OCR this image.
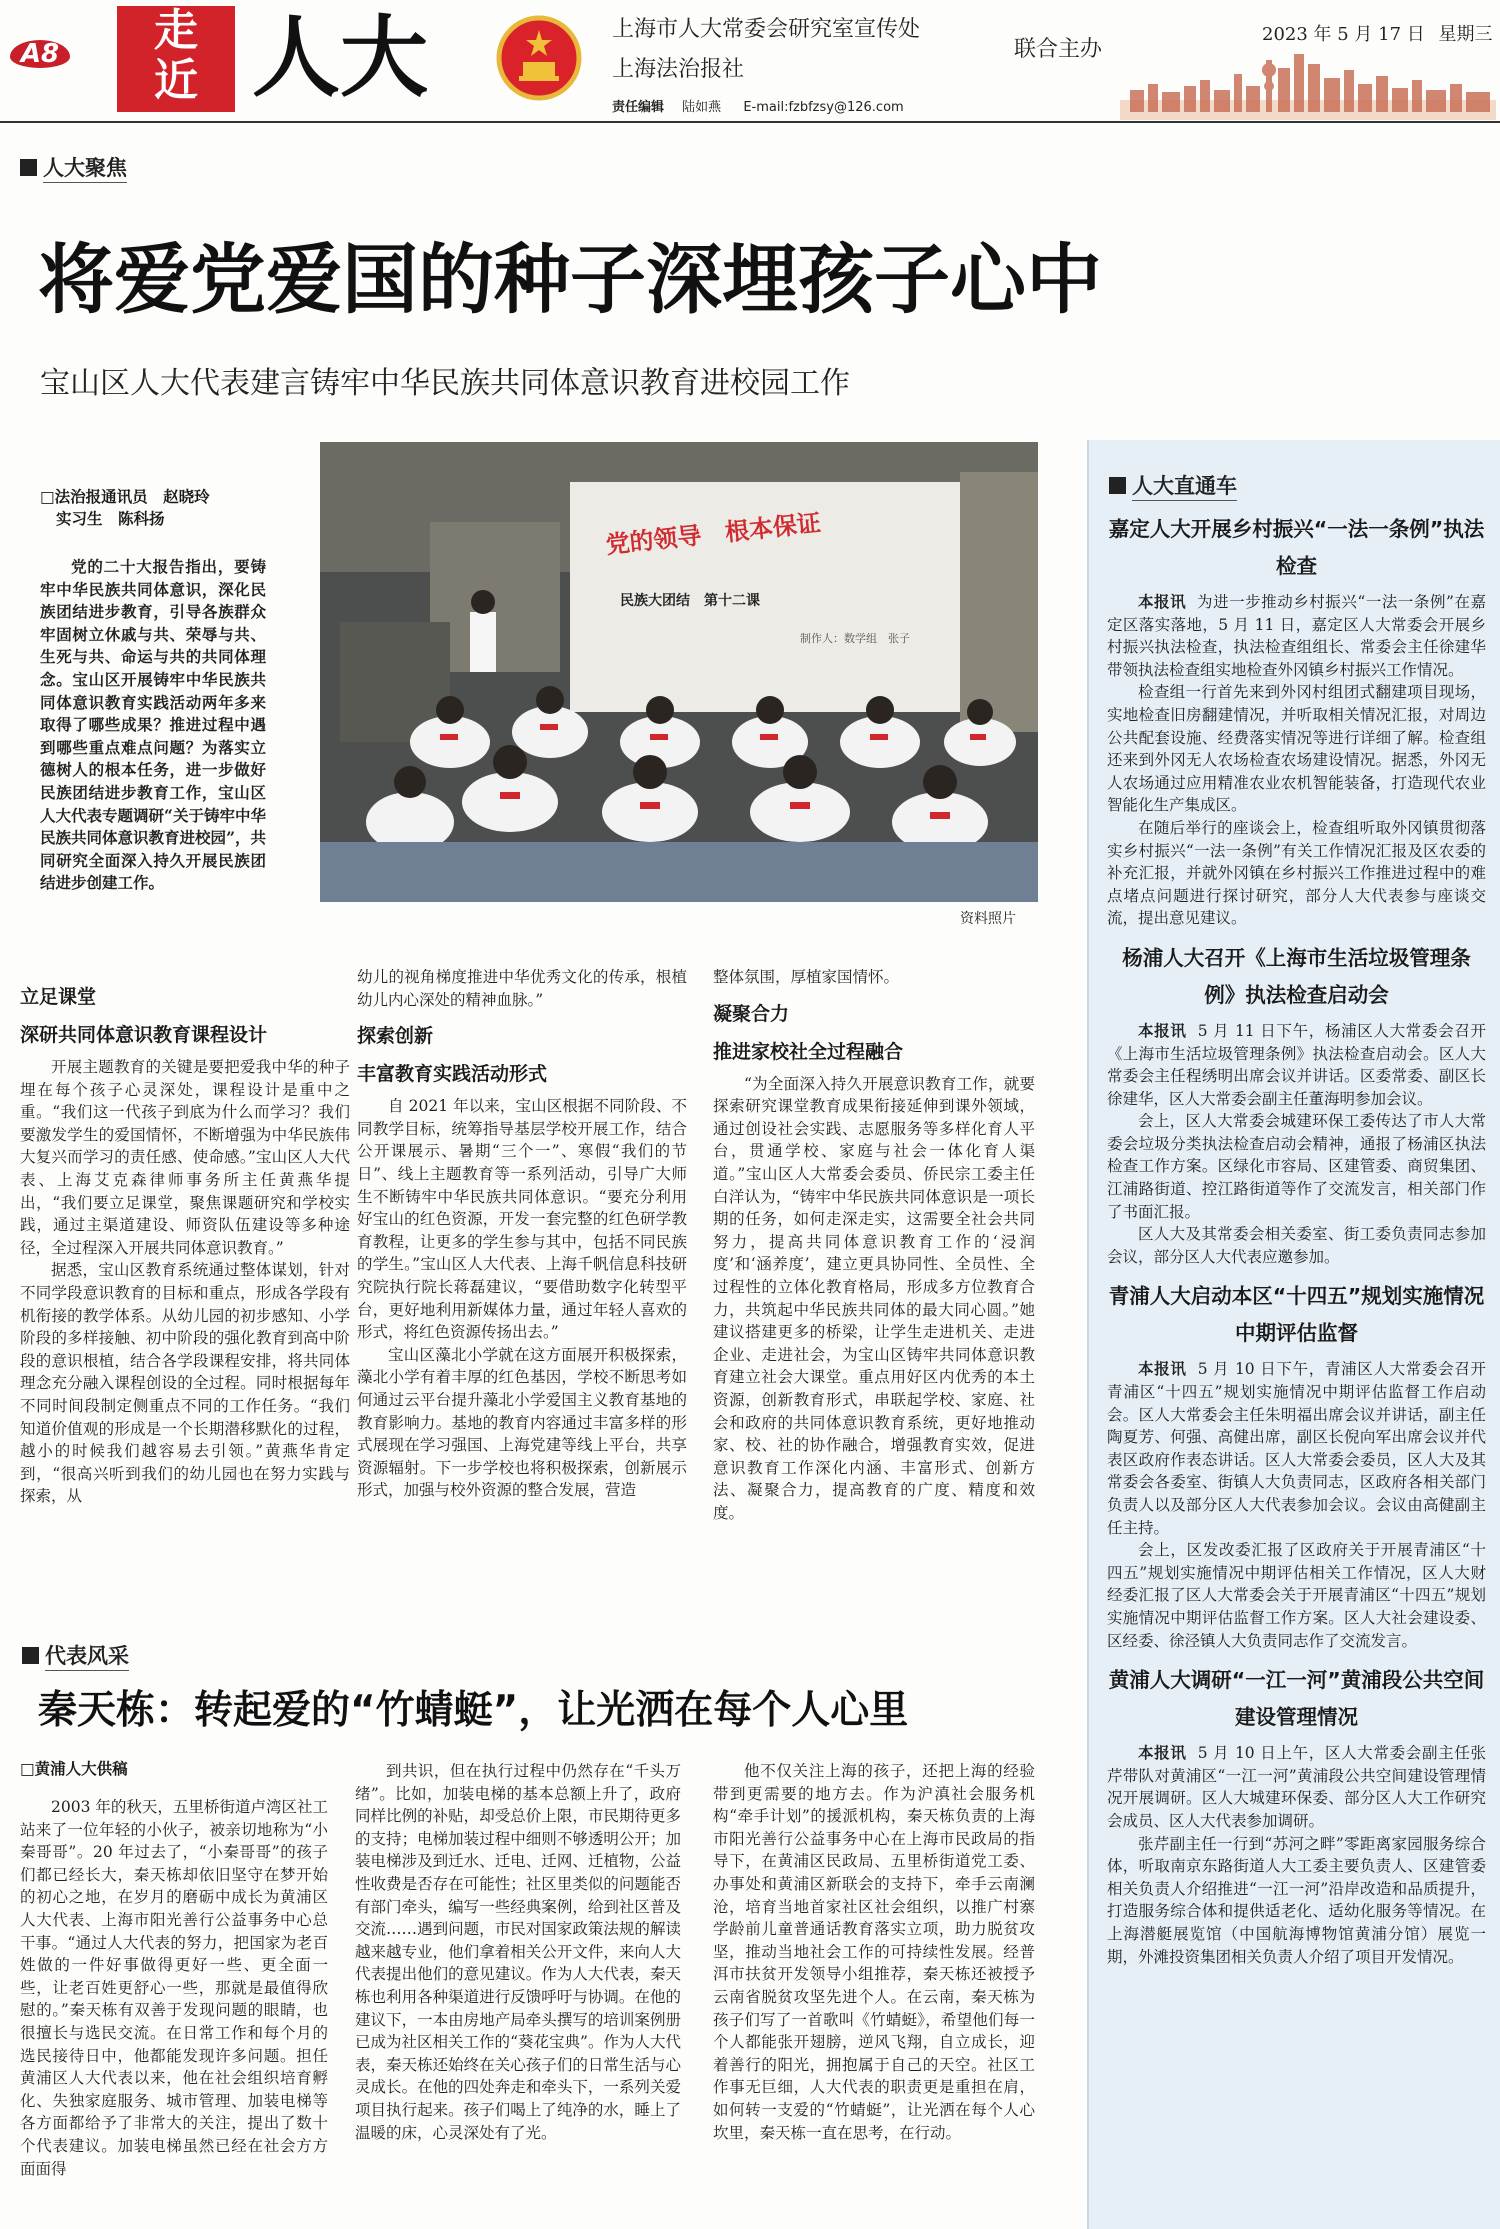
A8	走
近 人大	上海市人大常委会研究室宣传处
上海法治报社
联合主办
责任编辑 陆如燕 E-mail:fzbfzsy@126.com
2023 年 5 月 17 日 星期三
人大聚焦
将爱党爱国的种子深埋孩子心中
宝山区人大代表建言铸牢中华民族共同体意识教育进校园工作
□法治报通讯员　赵晓玲
实习生　陈科扬

党的二十大报告指出，要铸牢中华民族共同体意识，深化民族团结进步教育，引导各族群众牢固树立休戚与共、荣辱与共、生死与共、命运与共的共同体理念。宝山区开展铸牢中华民族共同体意识教育实践活动两年多来取得了哪些成果？推进过程中遇到哪些重点难点问题？为落实立德树人的根本任务，进一步做好民族团结进步教育工作，宝山区人大代表专题调研“关于铸牢中华民族共同体意识教育进校园”，共同研究全面深入持久开展民族团结进步创建工作。

党的领导　根本保证
民族大团结　第十二课
制作人：数学组　张子
资料照片
立足课堂
深研共同体意识教育课程设计

开展主题教育的关键是要把爱我中华的种子埋在每个孩子心灵深处，课程设计是重中之重。“我们这一代孩子到底为什么而学习？我们要激发学生的爱国情怀，不断增强为中华民族伟大复兴而学习的责任感、使命感。”宝山区人大代表、上海艾克森律师事务所主任黄燕华提出，“我们要立足课堂，聚焦课题研究和学校实践，通过主渠道建设、师资队伍建设等多种途径，全过程深入开展共同体意识教育。”

据悉，宝山区教育系统通过整体谋划，针对不同学段意识教育的目标和重点，形成各学段有机衔接的教学体系。从幼儿园的初步感知、小学阶段的多样接触、初中阶段的强化教育到高中阶段的意识根植，结合各学段课程安排，将共同体理念充分融入课程创设的全过程。同时根据每年不同时间段制定侧重点不同的工作任务。“我们知道价值观的形成是一个长期潜移默化的过程，越小的时候我们越容易去引领。”黄燕华肯定到，“很高兴听到我们的幼儿园也在努力实践与探索，从

幼儿的视角梯度推进中华优秀文化的传承，根植幼儿内心深处的精神血脉。”
探索创新
丰富教育实践活动形式

自 2021 年以来，宝山区根据不同阶段、不同教学目标，统筹指导基层学校开展工作，结合公开课展示、暑期“三个一”、寒假“我们的节日”、线上主题教育等一系列活动，引导广大师生不断铸牢中华民族共同体意识。“要充分利用好宝山的红色资源，开发一套完整的红色研学教育教程，让更多的学生参与其中，包括不同民族的学生。”宝山区人大代表、上海千帆信息科技研究院执行院长蒋磊建议，“要借助数字化转型平台，更好地利用新媒体力量，通过年轻人喜欢的形式，将红色资源传扬出去。”

宝山区藻北小学就在这方面展开积极探索，藻北小学有着丰厚的红色基因，学校不断思考如何通过云平台提升藻北小学爱国主义教育基地的教育影响力。基地的教育内容通过丰富多样的形式展现在学习强国、上海党建等线上平台，共享资源辐射。下一步学校也将积极探索，创新展示形式，加强与校外资源的整合发展，营造

整体氛围，厚植家国情怀。
凝聚合力
推进家校社全过程融合

“为全面深入持久开展意识教育工作，就要探索研究课堂教育成果衔接延伸到课外领域，通过创设社会实践、志愿服务等多样化育人平台，贯通学校、家庭与社会一体化育人渠道。”宝山区人大常委会委员、侨民宗工委主任白洋认为，“铸牢中华民族共同体意识是一项长期的任务，如何走深走实，这需要全社会共同努力，提高共同体意识教育工作的‘浸润度’和‘涵养度’，建立更具协同性、全员性、全过程性的立体化教育格局，形成多方位教育合力，共筑起中华民族共同体的最大同心圆。”她建议搭建更多的桥梁，让学生走进机关、走进企业、走进社会，为宝山区铸牢共同体意识教育建立社会大课堂。重点用好区内优秀的本土资源，创新教育形式，串联起学校、家庭、社会和政府的共同体意识教育系统，更好地推动家、校、社的协作融合，增强教育实效，促进意识教育工作深化内涵、丰富形式、创新方法、凝聚合力，提高教育的广度、精度和效度。

代表风采
秦天栋：转起爱的“竹蜻蜓”，让光洒在每个人心里
□黄浦人大供稿

2003 年的秋天，五里桥街道卢湾区社工站来了一位年轻的小伙子，被亲切地称为“小秦哥哥”。20 年过去了，“小秦哥哥”的孩子们都已经长大，秦天栋却依旧坚守在梦开始的初心之地，在岁月的磨砺中成长为黄浦区人大代表、上海市阳光善行公益事务中心总干事。“通过人大代表的努力，把国家为老百姓做的一件好事做得更好一些、更全面一些，让老百姓更舒心一些，那就是最值得欣慰的。”秦天栋有双善于发现问题的眼睛，也很擅长与选民交流。在日常工作和每个月的选民接待日中，他都能发现许多问题。担任黄浦区人大代表以来，他在社会组织培育孵化、失独家庭服务、城市管理、加装电梯等各方面都给予了非常大的关注，提出了数十个代表建议。加装电梯虽然已经在社会方方面面得

到共识，但在执行过程中仍然存在“千头万绪”。比如，加装电梯的基本总额上升了，政府同样比例的补贴，却受总价上限，市民期待更多的支持；电梯加装过程中细则不够透明公开；加装电梯涉及到迁水、迁电、迁网、迁植物，公益性收费是否存在可能性；社区里类似的问题能否有部门牵头，编写一些经典案例，给到社区普及交流……遇到问题，市民对国家政策法规的解读越来越专业，他们拿着相关公开文件，来向人大代表提出他们的意见建议。作为人大代表，秦天栋也利用各种渠道进行反馈呼吁与协调。在他的建议下，一本由房地产局牵头撰写的培训案例册已成为社区相关工作的“葵花宝典”。作为人大代表，秦天栋还始终在关心孩子们的日常生活与心灵成长。在他的四处奔走和牵头下，一系列关爱项目执行起来。孩子们喝上了纯净的水，睡上了温暖的床，心灵深处有了光。

他不仅关注上海的孩子，还把上海的经验带到更需要的地方去。作为沪滇社会服务机构“牵手计划”的援派机构，秦天栋负责的上海市阳光善行公益事务中心在上海市民政局的指导下，在黄浦区民政局、五里桥街道党工委、办事处和黄浦区新联会的支持下，牵手云南澜沧，培育当地首家社区社会组织，以推广村寨学龄前儿童普通话教育落实立项，助力脱贫攻坚，推动当地社会工作的可持续性发展。经普洱市扶贫开发领导小组推荐，秦天栋还被授予云南省脱贫攻坚先进个人。在云南，秦天栋为孩子们写了一首歌叫《竹蜻蜓》，希望他们每一个人都能张开翅膀，逆风飞翔，自立成长，迎着善行的阳光，拥抱属于自己的天空。社区工作事无巨细，人大代表的职责更是重担在肩，如何转一支爱的“竹蜻蜓”，让光洒在每个人心坎里，秦天栋一直在思考，在行动。

人大直通车
嘉定人大开展乡村振兴“一法一条例”执法检查

本报讯 为进一步推动乡村振兴“一法一条例”在嘉定区落实落地，5 月 11 日，嘉定区人大常委会开展乡村振兴执法检查，执法检查组组长、常委会主任徐建华带领执法检查组实地检查外冈镇乡村振兴工作情况。

检查组一行首先来到外冈村组团式翻建项目现场，实地检查旧房翻建情况，并听取相关情况汇报，对周边公共配套设施、经费落实情况等进行详细了解。检查组还来到外冈无人农场检查农场建设情况。据悉，外冈无人农场通过应用精准农业农机智能装备，打造现代农业智能化生产集成区。

在随后举行的座谈会上，检查组听取外冈镇贯彻落实乡村振兴“一法一条例”有关工作情况汇报及区农委的补充汇报，并就外冈镇在乡村振兴工作推进过程中的难点堵点问题进行探讨研究，部分人大代表参与座谈交流，提出意见建议。

杨浦人大召开《上海市生活垃圾管理条例》执法检查启动会

本报讯 5 月 11 日下午，杨浦区人大常委会召开《上海市生活垃圾管理条例》执法检查启动会。区人大常委会主任程绣明出席会议并讲话。区委常委、副区长徐建华，区人大常委会副主任董海明参加会议。

会上，区人大常委会城建环保工委传达了市人大常委会垃圾分类执法检查启动会精神，通报了杨浦区执法检查工作方案。区绿化市容局、区建管委、商贸集团、江浦路街道、控江路街道等作了交流发言，相关部门作了书面汇报。

区人大及其常委会相关委室、街工委负责同志参加会议，部分区人大代表应邀参加。

青浦人大启动本区“十四五”规划实施情况中期评估监督

本报讯 5 月 10 日下午，青浦区人大常委会召开青浦区“十四五”规划实施情况中期评估监督工作启动会。区人大常委会主任朱明福出席会议并讲话，副主任陶夏芳、何强、高健出席，副区长倪向军出席会议并代表区政府作表态讲话。区人大常委会委员，区人大及其常委会各委室、街镇人大负责同志，区政府各相关部门负责人以及部分区人大代表参加会议。会议由高健副主任主持。

会上，区发改委汇报了区政府关于开展青浦区“十四五”规划实施情况中期评估相关工作情况，区人大财经委汇报了区人大常委会关于开展青浦区“十四五”规划实施情况中期评估监督工作方案。区人大社会建设委、区经委、徐泾镇人大负责同志作了交流发言。

黄浦人大调研“一江一河”黄浦段公共空间建设管理情况

本报讯 5 月 10 日上午，区人大常委会副主任张芹带队对黄浦区“一江一河”黄浦段公共空间建设管理情况开展调研。区人大城建环保委、部分区人大工作研究会成员、区人大代表参加调研。

张芹副主任一行到“苏河之畔”零距离家园服务综合体，听取南京东路街道人大工委主要负责人、区建管委相关负责人介绍推进“一江一河”沿岸改造和品质提升，打造服务综合体和提供适老化、适幼化服务等情况。在上海潜艇展览馆（中国航海博物馆黄浦分馆）展览一期，外滩投资集团相关负责人介绍了项目开发情况。
